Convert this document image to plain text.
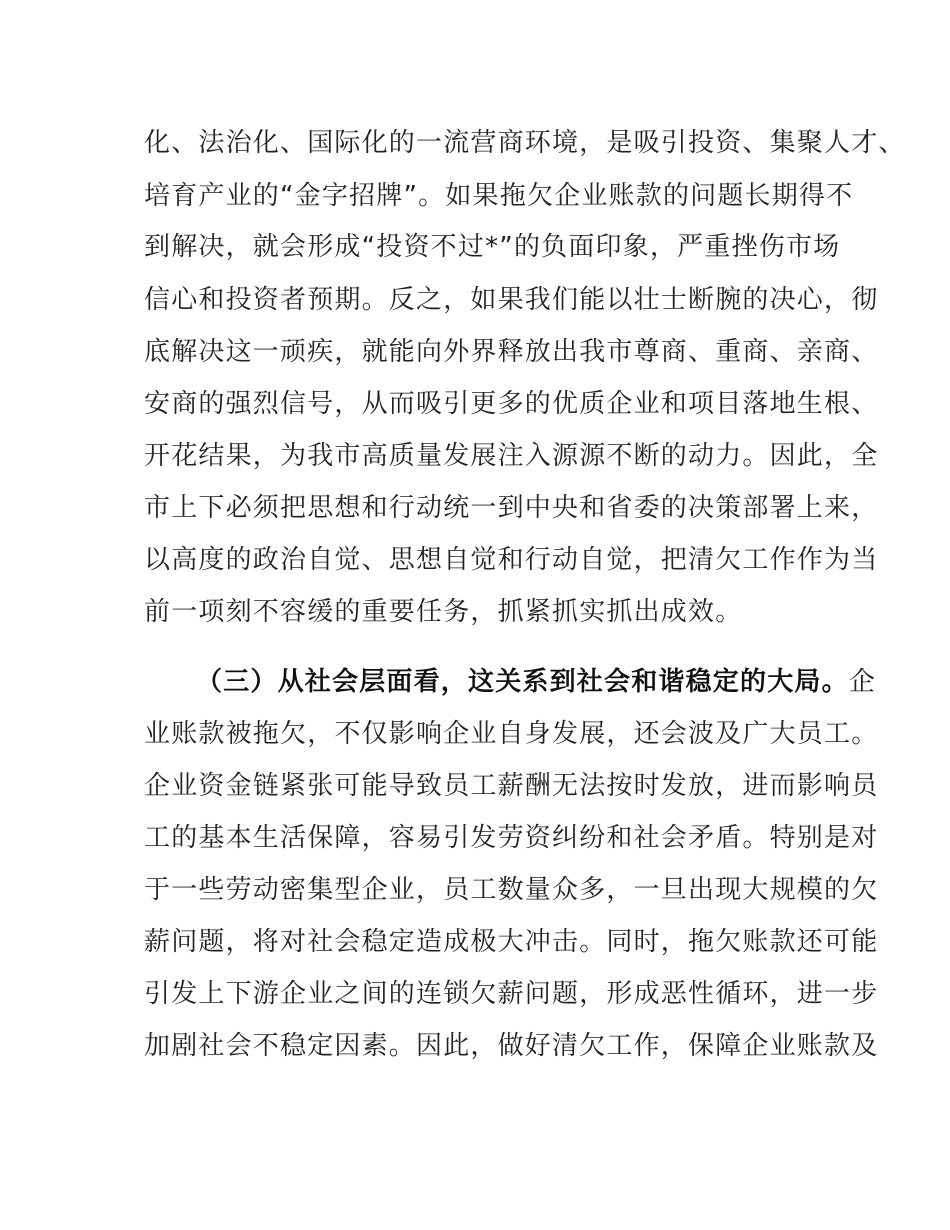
化、法治化、国际化的一流营商环境，是吸引投资、集聚人才、
培育产业的“金字招牌”。如果拖欠企业账款的问题长期得不
到解决，就会形成“投资不过*”的负面印象，严重挫伤市场
信心和投资者预期。反之，如果我们能以壮士断腕的决心，彻
底解决这一顽疾，就能向外界释放出我市尊商、重商、亲商、
安商的强烈信号，从而吸引更多的优质企业和项目落地生根、
开花结果，为我市高质量发展注入源源不断的动力。因此，全
市上下必须把思想和行动统一到中央和省委的决策部署上来，
以高度的政治自觉、思想自觉和行动自觉，把清欠工作作为当
前一项刻不容缓的重要任务，抓紧抓实抓出成效。
（三）从社会层面看，这关系到社会和谐稳定的大局。企
业账款被拖欠，不仅影响企业自身发展，还会波及广大员工。
企业资金链紧张可能导致员工薪酬无法按时发放，进而影响员
工的基本生活保障，容易引发劳资纠纷和社会矛盾。特别是对
于一些劳动密集型企业，员工数量众多，一旦出现大规模的欠
薪问题，将对社会稳定造成极大冲击。同时，拖欠账款还可能
引发上下游企业之间的连锁欠薪问题，形成恶性循环，进一步
加剧社会不稳定因素。因此，做好清欠工作，保障企业账款及
